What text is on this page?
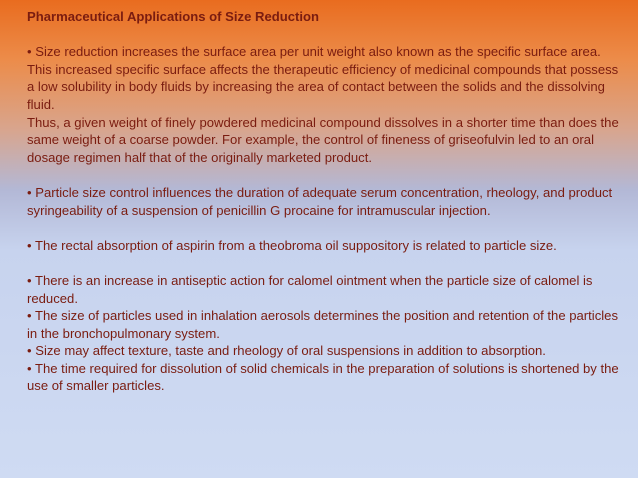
Pharmaceutical Applications of Size Reduction

• Size reduction increases the surface area per unit weight also known as the specific surface area. This increased specific surface affects the therapeutic efficiency of medicinal compounds that possess a low solubility in body fluids by increasing the area of contact between the solids and the dissolving fluid.

Thus, a given weight of finely powdered medicinal compound dissolves in a shorter time than does the same weight of a coarse powder. For example, the control of fineness of griseofulvin led to an oral dosage regimen half that of the originally marketed product.

• Particle size control influences the duration of adequate serum concentration, rheology, and product syringeability of a suspension of penicillin G procaine for intramuscular injection.

• The rectal absorption of aspirin from a theobroma oil suppository is related to particle size.

• There is an increase in antiseptic action for calomel ointment when the particle size of calomel is reduced.

• The size of particles used in inhalation aerosols determines the position and retention of the particles in the bronchopulmonary system.

• Size may affect texture, taste and rheology of oral suspensions in addition to absorption.

• The time required for dissolution of solid chemicals in the preparation of solutions is shortened by the use of smaller particles.
